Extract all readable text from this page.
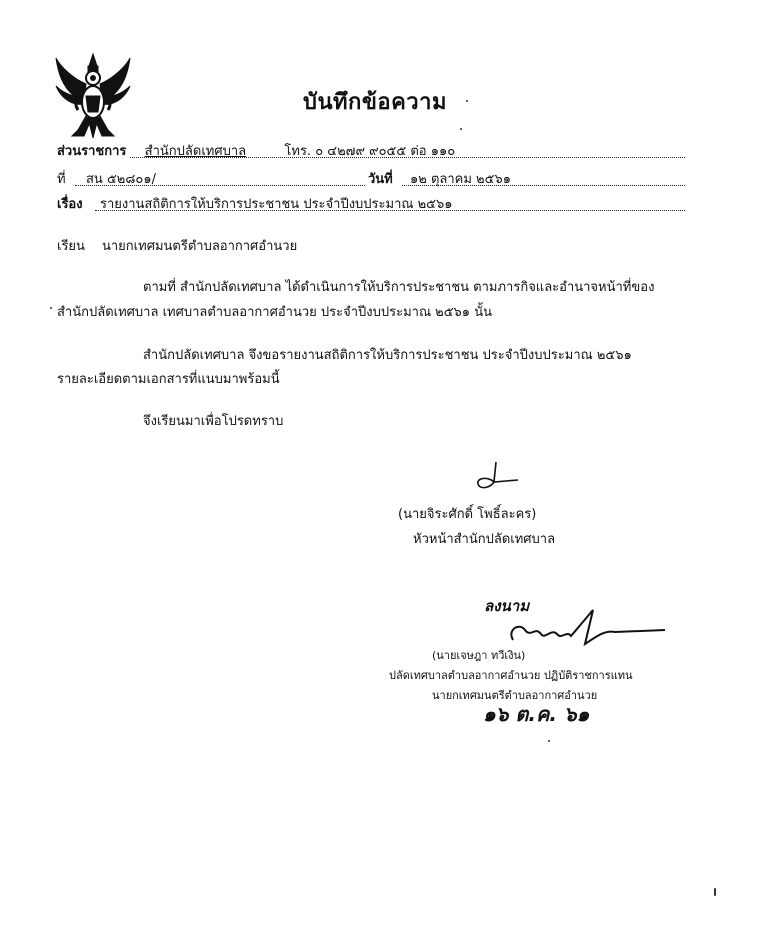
บันทึกข้อความ
ส่วนราชการ สำนักปลัดเทศบาล	โทร. ๐ ๔๒๗๙ ๙๐๕๕ ต่อ ๑๑๐
ที่ สน ๕๒๘๐๑/	วันที่ ๑๒ ตุลาคม ๒๕๖๑
เรื่อง รายงานสถิติการให้บริการประชาชน ประจำปีงบประมาณ ๒๕๖๑
เรียน นายกเทศมนตรีตำบลอากาศอำนวย
ตามที่ สำนักปลัดเทศบาล ได้ดำเนินการให้บริการประชาชน ตามภารกิจและอำนาจหน้าที่ของ
สำนักปลัดเทศบาล เทศบาลตำบลอากาศอำนวย ประจำปีงบประมาณ ๒๕๖๑ นั้น
สำนักปลัดเทศบาล จึงขอรายงานสถิติการให้บริการประชาชน ประจำปีงบประมาณ ๒๕๖๑
รายละเอียดตามเอกสารที่แนบมาพร้อมนี้
จึงเรียนมาเพื่อโปรดทราบ
(นายจิระศักดิ์ โพธิ์ละคร)
หัวหน้าสำนักปลัดเทศบาล
ลงนาม
(นายเจษฎา ทวีเงิน)
ปลัดเทศบาลตำบลอากาศอำนวย ปฏิบัติราชการแทน
นายกเทศมนตรีตำบลอากาศอำนวย
๑๖ ต.ค. ๖๑
